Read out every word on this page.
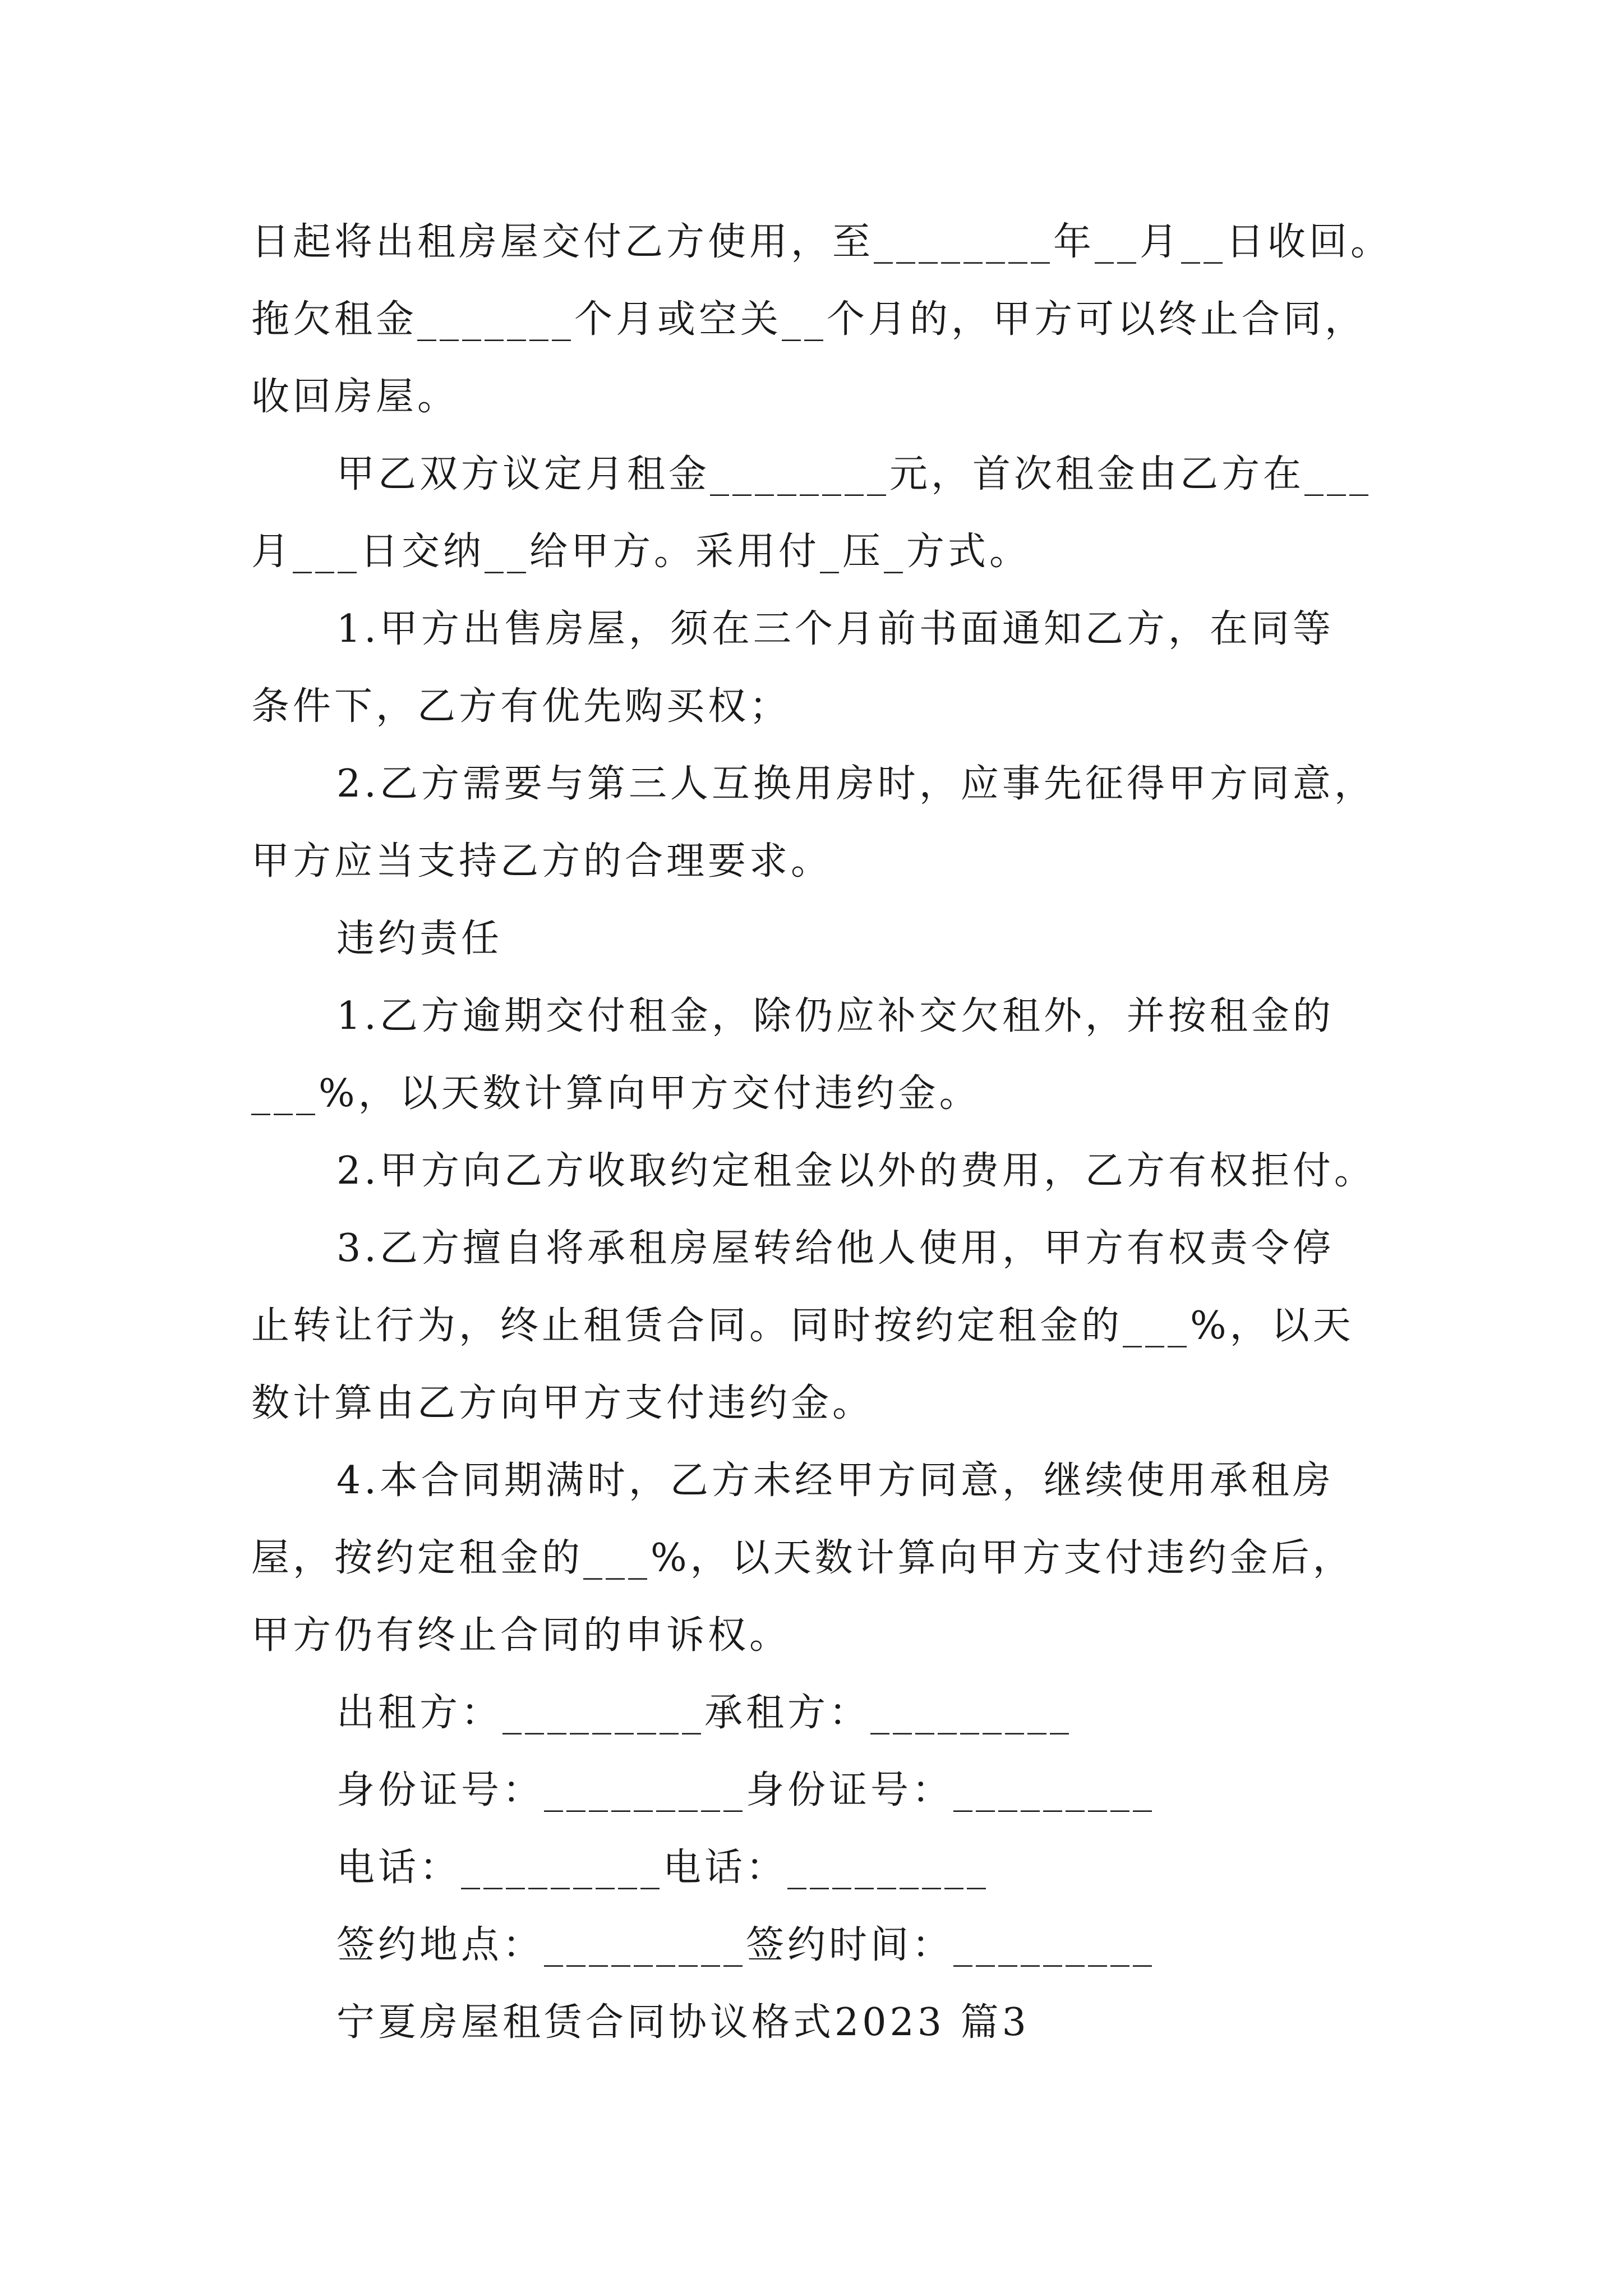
日起将出租房屋交付乙方使用，至________年__月__日收回。
拖欠租金_______个月或空关__个月的，甲方可以终止合同，
收回房屋。
甲乙双方议定月租金________元，首次租金由乙方在___
月___日交纳__给甲方。采用付_压_方式。
1.甲方出售房屋，须在三个月前书面通知乙方，在同等
条件下，乙方有优先购买权；
2.乙方需要与第三人互换用房时，应事先征得甲方同意，
甲方应当支持乙方的合理要求。
违约责任
1.乙方逾期交付租金，除仍应补交欠租外，并按租金的
___%，以天数计算向甲方交付违约金。
2.甲方向乙方收取约定租金以外的费用，乙方有权拒付。
3.乙方擅自将承租房屋转给他人使用，甲方有权责令停
止转让行为，终止租赁合同。同时按约定租金的___%，以天
数计算由乙方向甲方支付违约金。
4.本合同期满时，乙方未经甲方同意，继续使用承租房
屋，按约定租金的___%，以天数计算向甲方支付违约金后，
甲方仍有终止合同的申诉权。
出租方：_________承租方：_________
身份证号：_________身份证号：_________
电话：_________电话：_________
签约地点：_________签约时间：_________
宁夏房屋租赁合同协议格式2023 篇3
